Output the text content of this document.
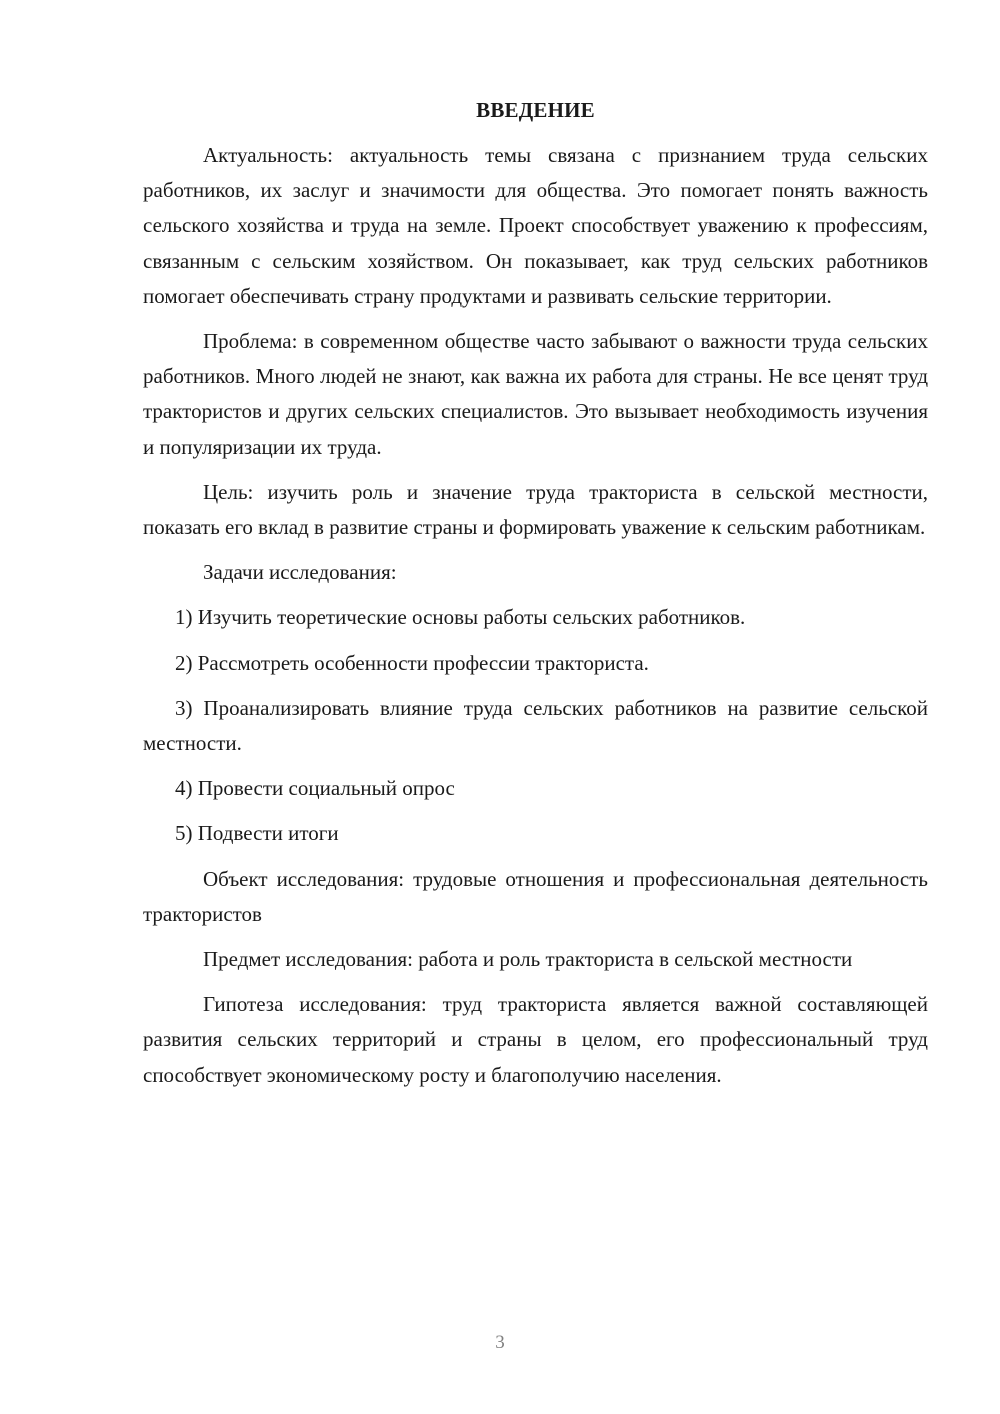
ВВЕДЕНИЕ

Актуальность: актуальность темы связана с признанием труда сельских работников, их заслуг и значимости для общества. Это помогает понять важность сельского хозяйства и труда на земле. Проект способствует уважению к профессиям, связанным с сельским хозяйством. Он показывает, как труд сельских работников помогает обеспечивать страну продуктами и развивать сельские территории.

Проблема: в современном обществе часто забывают о важности труда сельских работников. Много людей не знают, как важна их работа для страны. Не все ценят труд трактористов и других сельских специалистов. Это вызывает необходимость изучения и популяризации их труда.

Цель: изучить роль и значение труда тракториста в сельской местности, показать его вклад в развитие страны и формировать уважение к сельским работникам.

Задачи исследования:

1) Изучить теоретические основы работы сельских работников.

2) Рассмотреть особенности профессии тракториста.

3) Проанализировать влияние труда сельских работников на развитие сельской местности.

4) Провести социальный опрос

5) Подвести итоги

Объект исследования: трудовые отношения и профессиональная деятельность трактористов

Предмет исследования: работа и роль тракториста в сельской местности

Гипотеза исследования: труд тракториста является важной составляющей развития сельских территорий и страны в целом, его профессиональный труд способствует экономическому росту и благополучию населения.

3
